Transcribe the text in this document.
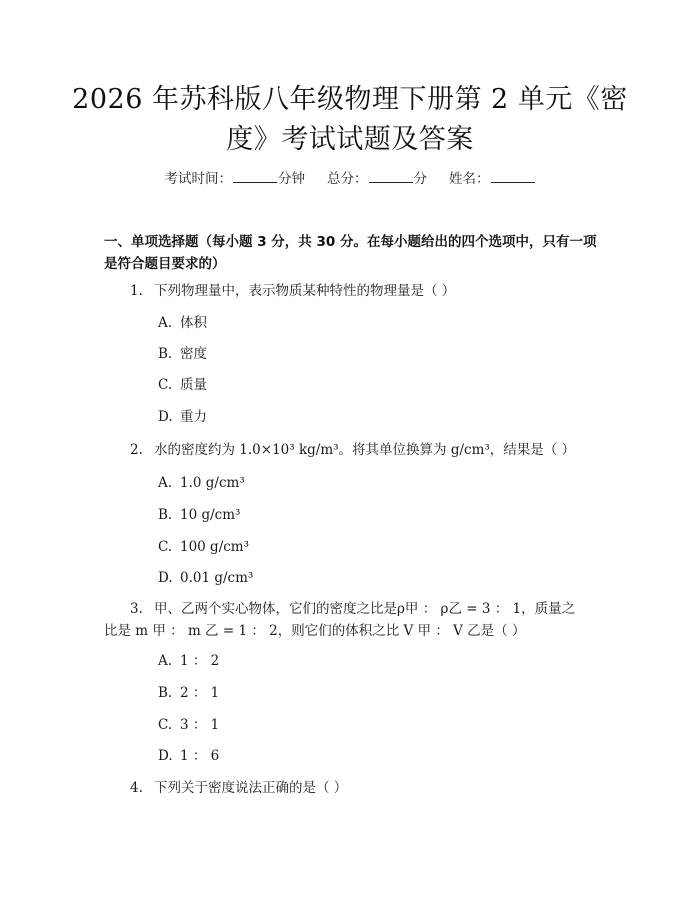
2026 年苏科版八年级物理下册第 2 单元《密
度》考试试题及答案
考试时间：	分钟 总分：	分 姓名：
一、单项选择题（每小题 3 分，共 30 分。在每小题给出的四个选项中，只有一项
是符合题目要求的）
1. 下列物理量中，表示物质某种特性的物理量是（ ）
A. 体积
B. 密度
C. 质量
D. 重力
2. 水的密度约为 1.0×10³ kg/m³。将其单位换算为 g/cm³，结果是（ ）
A. 1.0 g/cm³
B. 10 g/cm³
C. 100 g/cm³
D. 0.01 g/cm³
3. 甲、乙两个实心物体，它们的密度之比是ρ甲 ： ρ乙 = 3 ： 1，质量之
比是 m 甲 ： m 乙 = 1 ： 2，则它们的体积之比 V 甲 ： V 乙是（ ）
A. 1 ： 2
B. 2 ： 1
C. 3 ： 1
D. 1 ： 6
4. 下列关于密度说法正确的是（ ）
